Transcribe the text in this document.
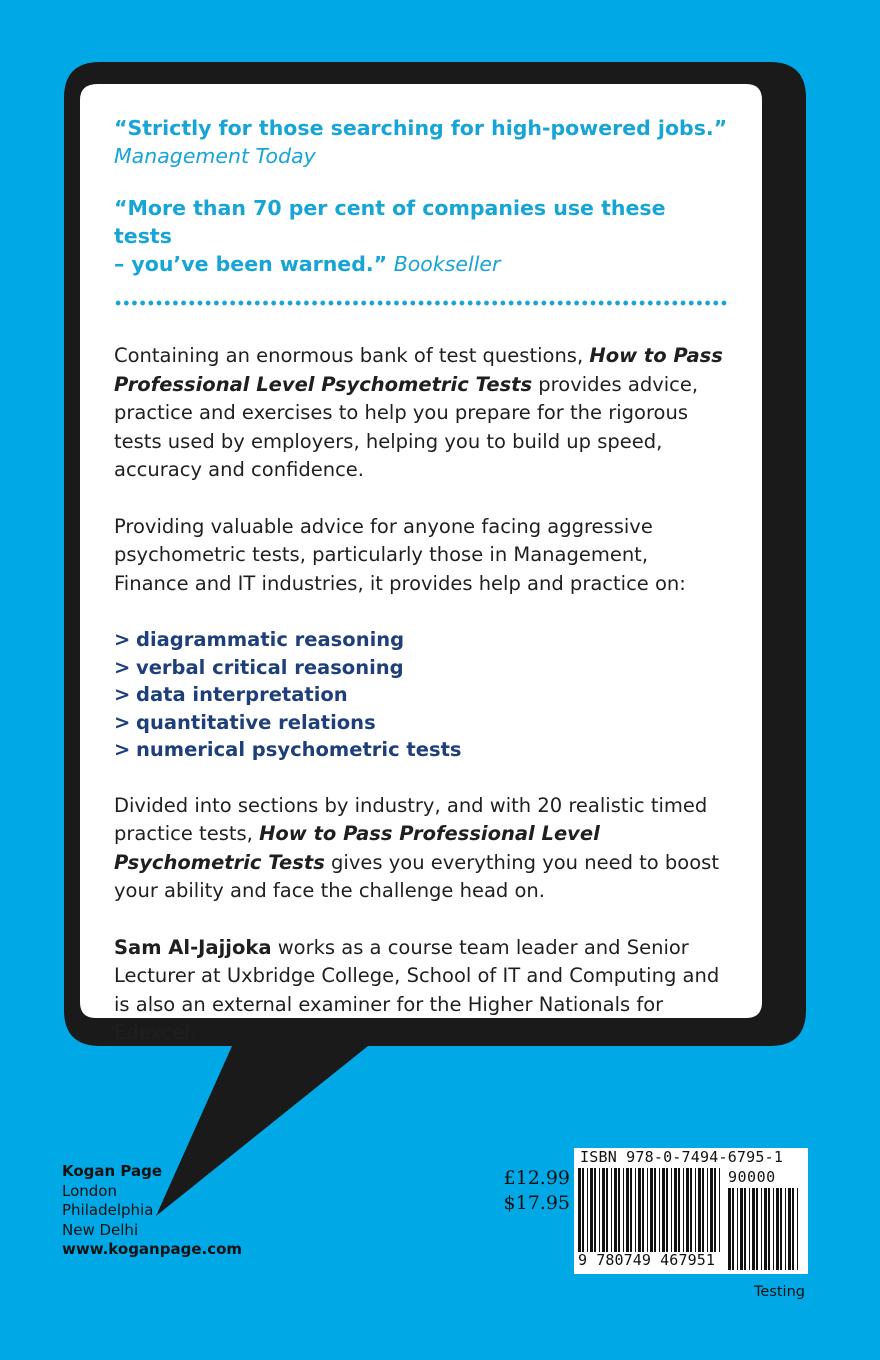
“Strictly for those searching for high-powered jobs.”
Management Today

“More than 70 per cent of companies use these tests
– you’ve been warned.” Bookseller

Containing an enormous bank of test questions, How to Pass Professional Level Psychometric Tests provides advice, practice and exercises to help you prepare for the rigorous tests used by employers, helping you to build up speed, accuracy and confidence.

Providing valuable advice for anyone facing aggressive psychometric tests, particularly those in Management, Finance and IT industries, it provides help and practice on:

> diagrammatic reasoning
> verbal critical reasoning
> data interpretation
> quantitative relations
> numerical psychometric tests

Divided into sections by industry, and with 20 realistic timed practice tests, How to Pass Professional Level Psychometric Tests gives you everything you need to boost your ability and face the challenge head on.

Sam Al-Jajjoka works as a course team leader and Senior Lecturer at Uxbridge College, School of IT and Computing and is also an external examiner for the Higher Nationals for Edexcel.

Kogan Page
London
Philadelphia
New Delhi
www.koganpage.com
£12.99
$17.95
ISBN 978-0-7494-6795-1
90000
9 780749 467951
Testing
